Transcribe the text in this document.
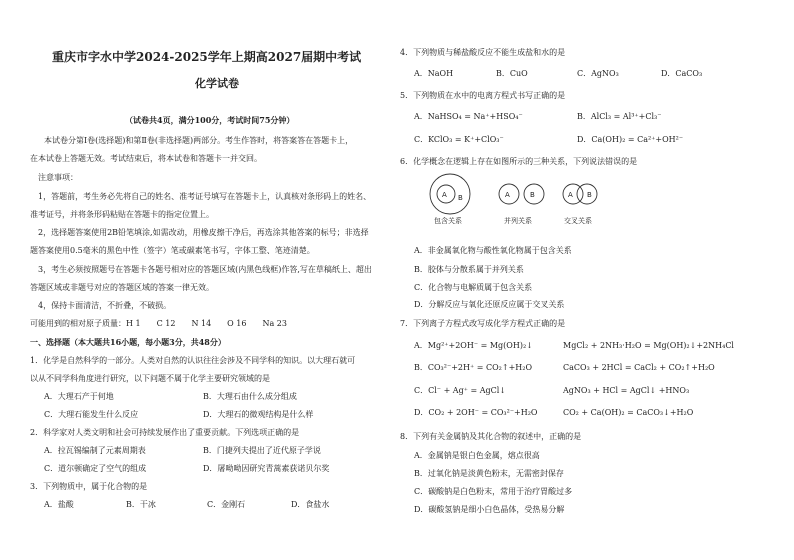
重庆市字水中学2024-2025学年上期高2027届期中考试
化学试卷
（试卷共4页，满分100分，考试时间75分钟）
本试卷分第Ⅰ卷(选择题)和第Ⅱ卷(非选择题)两部分。考生作答时，将答案答在答题卡上，
在本试卷上答题无效。考试结束后，将本试卷和答题卡一并交回。
注意事项：
1，答题前，考生务必先将自己的姓名、准考证号填写在答题卡上，认真核对条形码上的姓名、
准考证号，并将条形码粘贴在答题卡的指定位置上。
2，选择题答案使用2B铅笔填涂,如需改动，用橡皮擦干净后，再选涂其他答案的标号；非选择
题答案使用0.5毫米的黑色中性（签字）笔或碳素笔书写，字体工整、笔迹清楚。
3，考生必须按照题号在答题卡各题号相对应的答题区域(内黑色线框)作答,写在草稿纸上、超出
答题区域或非题号对应的答题区域的答案一律无效。
4，保持卡面清洁，不折叠，不破损。
可能用到的相对原子质量：H 1　　C 12　　N 14　　O 16　　Na 23
一、选择题（本大题共16小题，每小题3分，共48分）
1．化学是自然科学的一部分。人类对自然的认识往往会涉及不同学科的知识。以大理石就可
以从不同学科角度进行研究，以下问题不属于化学主要研究领域的是
A．大理石产于何地	B．大理石由什么成分组成
C．大理石能发生什么反应	D．大理石的微观结构是什么样
2．科学家对人类文明和社会可持续发展作出了重要贡献。下列选项正确的是
A．拉瓦锡编制了元素周期表	B．门捷列夫提出了近代原子学说
C．道尔顿确定了空气的组成	D．屠呦呦因研究青蒿素获诺贝尔奖
3．下列物质中，属于化合物的是
A．盐酸	B．干冰	C．金刚石	D．食盐水
4．下列物质与稀盐酸反应不能生成盐和水的是
A．NaOH	B．CuO	C．AgNO₃	D．CaCO₃
5．下列物质在水中的电离方程式书写正确的是
A．NaHSO₄ = Na⁺+HSO₄⁻	B．AlCl₃ = Al³⁺+Cl₃⁻
C．KClO₃ = K⁺+ClO₃⁻	D．Ca(OH)₂ = Ca²⁺+OH²⁻
6．化学概念在逻辑上存在如图所示的三种关系，下列说法错误的是
A B	A	B	A B
包含关系	并列关系	交叉关系
A．非金属氧化物与酸性氧化物属于包含关系
B．胶体与分散系属于并列关系
C．化合物与电解质属于包含关系
D．分解反应与氧化还原反应属于交叉关系
7．下列离子方程式改写成化学方程式正确的是
A．Mg²⁺+2OH⁻ = Mg(OH)₂↓	MgCl₂ + 2NH₃·H₂O = Mg(OH)₂↓+2NH₄Cl
B．CO₃²⁻+2H⁺ = CO₂↑+H₂O	CaCO₃ + 2HCl = CaCl₂ + CO₂↑+H₂O
C．Cl⁻ + Ag⁺ = AgCl↓	AgNO₃ + HCl = AgCl↓ +HNO₃
D．CO₂ + 2OH⁻ = CO₃²⁻+H₂O	CO₂ + Ca(OH)₂ = CaCO₃↓+H₂O
8．下列有关金属钠及其化合物的叙述中，正确的是
A．金属钠是银白色金属，熔点很高
B．过氧化钠是淡黄色粉末，无需密封保存
C．碳酸钠是白色粉末，常用于治疗胃酸过多
D．碳酸氢钠是细小白色晶体，受热易分解
